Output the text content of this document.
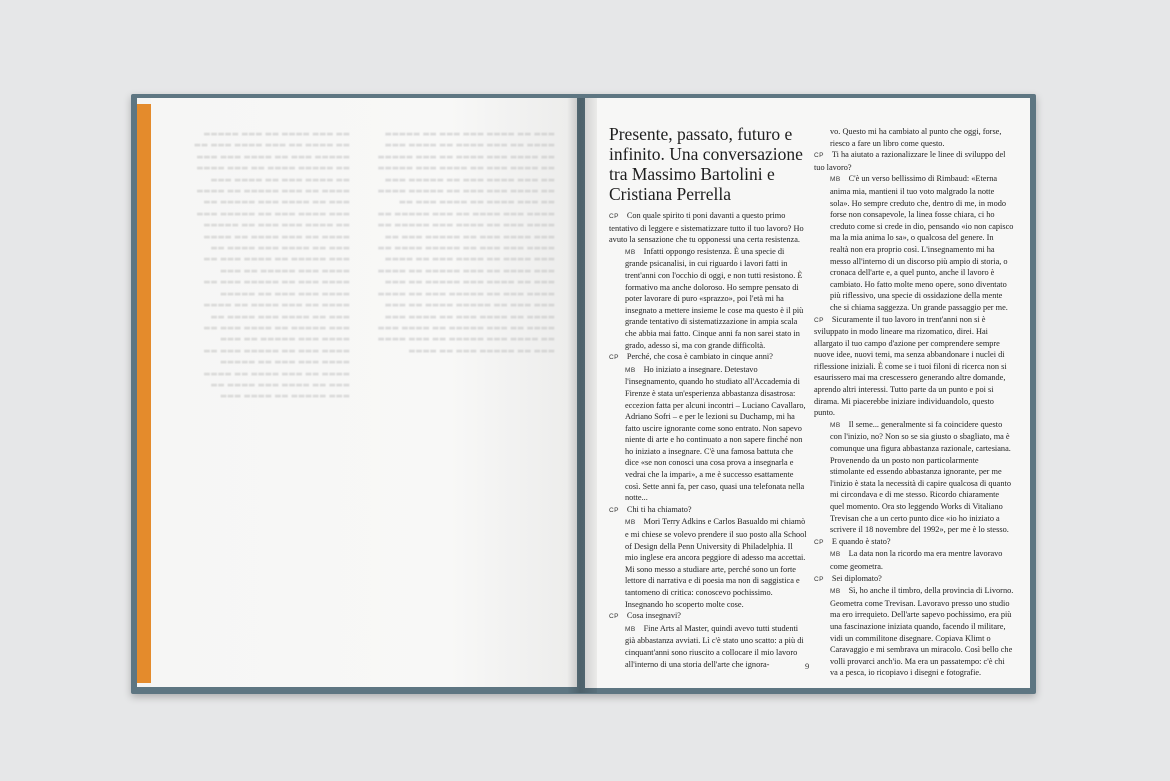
▬▬ ▬▬▬ ▬▬▬▬ ▬▬ ▬▬▬ ▬▬▬▬▬ ▬▬ ▬▬▬▬ ▬▬ ▬▬▬ ▬▬▬▬ ▬▬▬ ▬▬ ▬▬▬▬▬ ▬▬▬ ▬▬ ▬▬▬▬ ▬▬▬ ▬▬▬ ▬▬ ▬▬▬▬▬ ▬▬▬▬ ▬▬ ▬▬▬ ▬▬▬▬ ▬▬ ▬▬▬▬ ▬▬▬ ▬▬ ▬▬▬▬ ▬▬▬ ▬▬▬▬ ▬▬ ▬▬▬ ▬▬▬▬▬ ▬▬ ▬▬▬▬ ▬▬▬ ▬▬ ▬▬▬▬ ▬▬▬ ▬▬▬▬▬ ▬▬ ▬▬▬ ▬▬▬▬ ▬▬▬ ▬▬ ▬▬▬▬▬ ▬▬▬ ▬▬ ▬▬▬▬ ▬▬▬ ▬▬▬ ▬▬ ▬▬▬▬▬ ▬▬▬▬ ▬▬ ▬▬▬ ▬▬▬▬ ▬▬ ▬▬▬▬ ▬▬▬ ▬▬ ▬▬▬▬ ▬▬▬ ▬▬▬▬ ▬▬ ▬▬▬ ▬▬▬▬▬ ▬▬ ▬▬▬▬ ▬▬▬ ▬▬ ▬▬▬▬ ▬▬▬ ▬▬▬▬▬ ▬▬ ▬▬▬ ▬▬▬▬ ▬▬▬ ▬▬ ▬▬▬▬▬ ▬▬▬ ▬▬ ▬▬▬▬ ▬▬▬ ▬▬▬ ▬▬ ▬▬▬▬▬ ▬▬▬▬ ▬▬ ▬▬▬ ▬▬▬▬ ▬▬ ▬▬▬▬ ▬▬▬ ▬▬ ▬▬▬▬ ▬▬▬ ▬▬▬▬ ▬▬ ▬▬▬ ▬▬▬▬▬ ▬▬ ▬▬▬▬ ▬▬▬ ▬▬ ▬▬▬▬ ▬▬▬ ▬▬▬▬▬ ▬▬ ▬▬▬ ▬▬▬▬ ▬▬▬ ▬▬ ▬▬▬▬▬ ▬▬▬ ▬▬ ▬▬▬▬ ▬▬▬ ▬▬▬ ▬▬ ▬▬▬▬▬ ▬▬▬▬ ▬▬ ▬▬▬ ▬▬▬▬ ▬▬ ▬▬▬▬ ▬▬▬ ▬▬ ▬▬▬▬ ▬▬▬ ▬▬▬▬ ▬▬ ▬▬▬ ▬▬▬▬▬ ▬▬ ▬▬▬▬ ▬▬▬
▬▬▬ ▬▬ ▬▬▬▬ ▬▬▬ ▬▬▬ ▬▬ ▬▬▬▬▬ ▬▬▬▬ ▬▬ ▬▬▬ ▬▬▬▬ ▬▬ ▬▬▬▬ ▬▬▬ ▬▬ ▬▬▬▬ ▬▬▬ ▬▬▬▬ ▬▬ ▬▬▬ ▬▬▬▬▬ ▬▬ ▬▬▬▬ ▬▬▬ ▬▬ ▬▬▬▬ ▬▬▬ ▬▬▬▬▬ ▬▬ ▬▬▬ ▬▬▬▬ ▬▬▬ ▬▬ ▬▬▬▬▬ ▬▬▬ ▬▬ ▬▬▬▬ ▬▬▬ ▬▬▬ ▬▬ ▬▬▬▬▬ ▬▬▬▬ ▬▬ ▬▬▬ ▬▬▬▬ ▬▬ ▬▬▬▬ ▬▬▬ ▬▬ ▬▬▬▬ ▬▬▬ ▬▬▬▬ ▬▬ ▬▬▬ ▬▬▬▬▬ ▬▬ ▬▬▬▬ ▬▬▬ ▬▬ ▬▬▬▬ ▬▬▬ ▬▬▬▬▬ ▬▬ ▬▬▬ ▬▬▬▬ ▬▬▬ ▬▬ ▬▬▬▬▬ ▬▬▬ ▬▬ ▬▬▬▬ ▬▬▬ ▬▬▬ ▬▬ ▬▬▬▬▬ ▬▬▬▬ ▬▬ ▬▬▬ ▬▬▬▬ ▬▬ ▬▬▬▬ ▬▬▬ ▬▬ ▬▬▬▬ ▬▬▬ ▬▬▬▬ ▬▬ ▬▬▬ ▬▬▬▬▬ ▬▬ ▬▬▬▬ ▬▬▬ ▬▬ ▬▬▬▬ ▬▬▬ ▬▬▬▬▬ ▬▬ ▬▬▬ ▬▬▬▬ ▬▬▬ ▬▬ ▬▬▬▬▬ ▬▬▬ ▬▬ ▬▬▬▬ ▬▬▬ ▬▬▬ ▬▬ ▬▬▬▬▬ ▬▬▬▬ ▬▬ ▬▬▬ ▬▬▬▬ ▬▬ ▬▬▬▬ ▬▬▬ ▬▬ ▬▬▬▬ ▬▬▬ ▬▬▬▬ ▬▬ ▬▬▬ ▬▬▬▬▬ ▬▬ ▬▬▬▬ ▬▬▬ ▬▬ ▬▬▬▬ ▬▬▬ ▬▬▬▬▬ ▬▬ ▬▬▬ ▬▬▬▬ ▬▬▬ ▬▬ ▬▬▬▬▬ ▬▬▬ ▬▬ ▬▬▬▬
Presente, passato, futuro e infinito. Una conversazione tra Massimo Bartolini e Cristiana Perrella

CP Con quale spirito ti poni davanti a questo primo tentativo di leggere e sistematizzare tutto il tuo lavoro? Ho avuto la sensazione che tu opponessi una certa resistenza.

MB Infatti oppongo resistenza. È una specie di grande psicanalisi, in cui riguardo i lavori fatti in trent'anni con l'occhio di oggi, e non tutti resistono. È formativo ma anche doloroso. Ho sempre pensato di poter lavorare di puro «sprazzo», poi l'età mi ha insegnato a mettere insieme le cose ma questo è il più grande tentativo di sistematizzazione in ampia scala che abbia mai fatto. Cinque anni fa non sarei stato in grado, adesso sì, ma con grande difficoltà.

CP Perché, che cosa è cambiato in cinque anni?

MB Ho iniziato a insegnare. Detestavo l'insegnamento, quando ho studiato all'Accademia di Firenze è stata un'esperienza abbastanza disastrosa: eccezion fatta per alcuni incontri – Luciano Cavallaro, Adriano Sofri – e per le lezioni su Duchamp, mi ha fatto uscire ignorante come sono entrato. Non sapevo niente di arte e ho continuato a non sapere finché non ho iniziato a insegnare. C'è una famosa battuta che dice «se non conosci una cosa prova a insegnarla e vedrai che la impari», a me è successo esattamente così. Sette anni fa, per caso, quasi una telefonata nella notte...

CP Chi ti ha chiamato?

MB Mori Terry Adkins e Carlos Basualdo mi chiamò e mi chiese se volevo prendere il suo posto alla School of Design della Penn University di Philadelphia. Il mio inglese era ancora peggiore di adesso ma accettai. Mi sono messo a studiare arte, perché sono un forte lettore di narrativa e di poesia ma non di saggistica e tantomeno di critica: conoscevo pochissimo. Insegnando ho scoperto molte cose.

CP Cosa insegnavi?

MB Fine Arts al Master, quindi avevo tutti studenti già abbastanza avviati. Lì c'è stato uno scatto: a più di cinquant'anni sono riuscito a collocare il mio lavoro all'interno di una storia dell'arte che ignora-

vo. Questo mi ha cambiato al punto che oggi, forse, riesco a fare un libro come questo.

CP Ti ha aiutato a razionalizzare le linee di sviluppo del tuo lavoro?

MB C'è un verso bellissimo di Rimbaud: «Eterna anima mia, mantieni il tuo voto malgrado la notte sola». Ho sempre creduto che, dentro di me, in modo forse non consapevole, la linea fosse chiara, ci ho creduto come si crede in dio, pensando «io non capisco ma la mia anima lo sa», o qualcosa del genere. In realtà non era proprio così. L'insegnamento mi ha messo all'interno di un discorso più ampio di storia, o cronaca dell'arte e, a quel punto, anche il lavoro è cambiato. Ho fatto molte meno opere, sono diventato più riflessivo, una specie di ossidazione della mente che si chiama saggezza. Un grande passaggio per me.

CP Sicuramente il tuo lavoro in trent'anni non si è sviluppato in modo lineare ma rizomatico, direi. Hai allargato il tuo campo d'azione per comprendere sempre nuove idee, nuovi temi, ma senza abbandonare i nuclei di riflessione iniziali. È come se i tuoi filoni di ricerca non si esaurissero mai ma crescessero generando altre domande, aprendo altri interessi. Tutto parte da un punto e poi si dirama. Mi piacerebbe iniziare individuandolo, questo punto.

MB Il seme... generalmente si fa coincidere questo con l'inizio, no? Non so se sia giusto o sbagliato, ma è comunque una figura abbastanza razionale, cartesiana. Provenendo da un posto non particolarmente stimolante ed essendo abbastanza ignorante, per me l'inizio è stata la necessità di capire qualcosa di quanto mi circondava e di me stesso. Ricordo chiaramente quel momento. Ora sto leggendo Works di Vitaliano Trevisan che a un certo punto dice «io ho iniziato a scrivere il 18 novembre del 1992», per me è lo stesso.

CP E quando è stato?

MB La data non la ricordo ma era mentre lavoravo come geometra.

CP Sei diplomato?

MB Sì, ho anche il timbro, della provincia di Livorno. Geometra come Trevisan. Lavoravo presso uno studio ma ero irrequieto. Dell'arte sapevo pochissimo, era più una fascinazione iniziata quando, facendo il militare, vidi un commilitone disegnare. Copiava Klimt o Caravaggio e mi sembrava un miracolo. Così bello che volli provarci anch'io. Ma era un passatempo: c'è chi va a pesca, io ricopiavo i disegni e fotografie.

9
